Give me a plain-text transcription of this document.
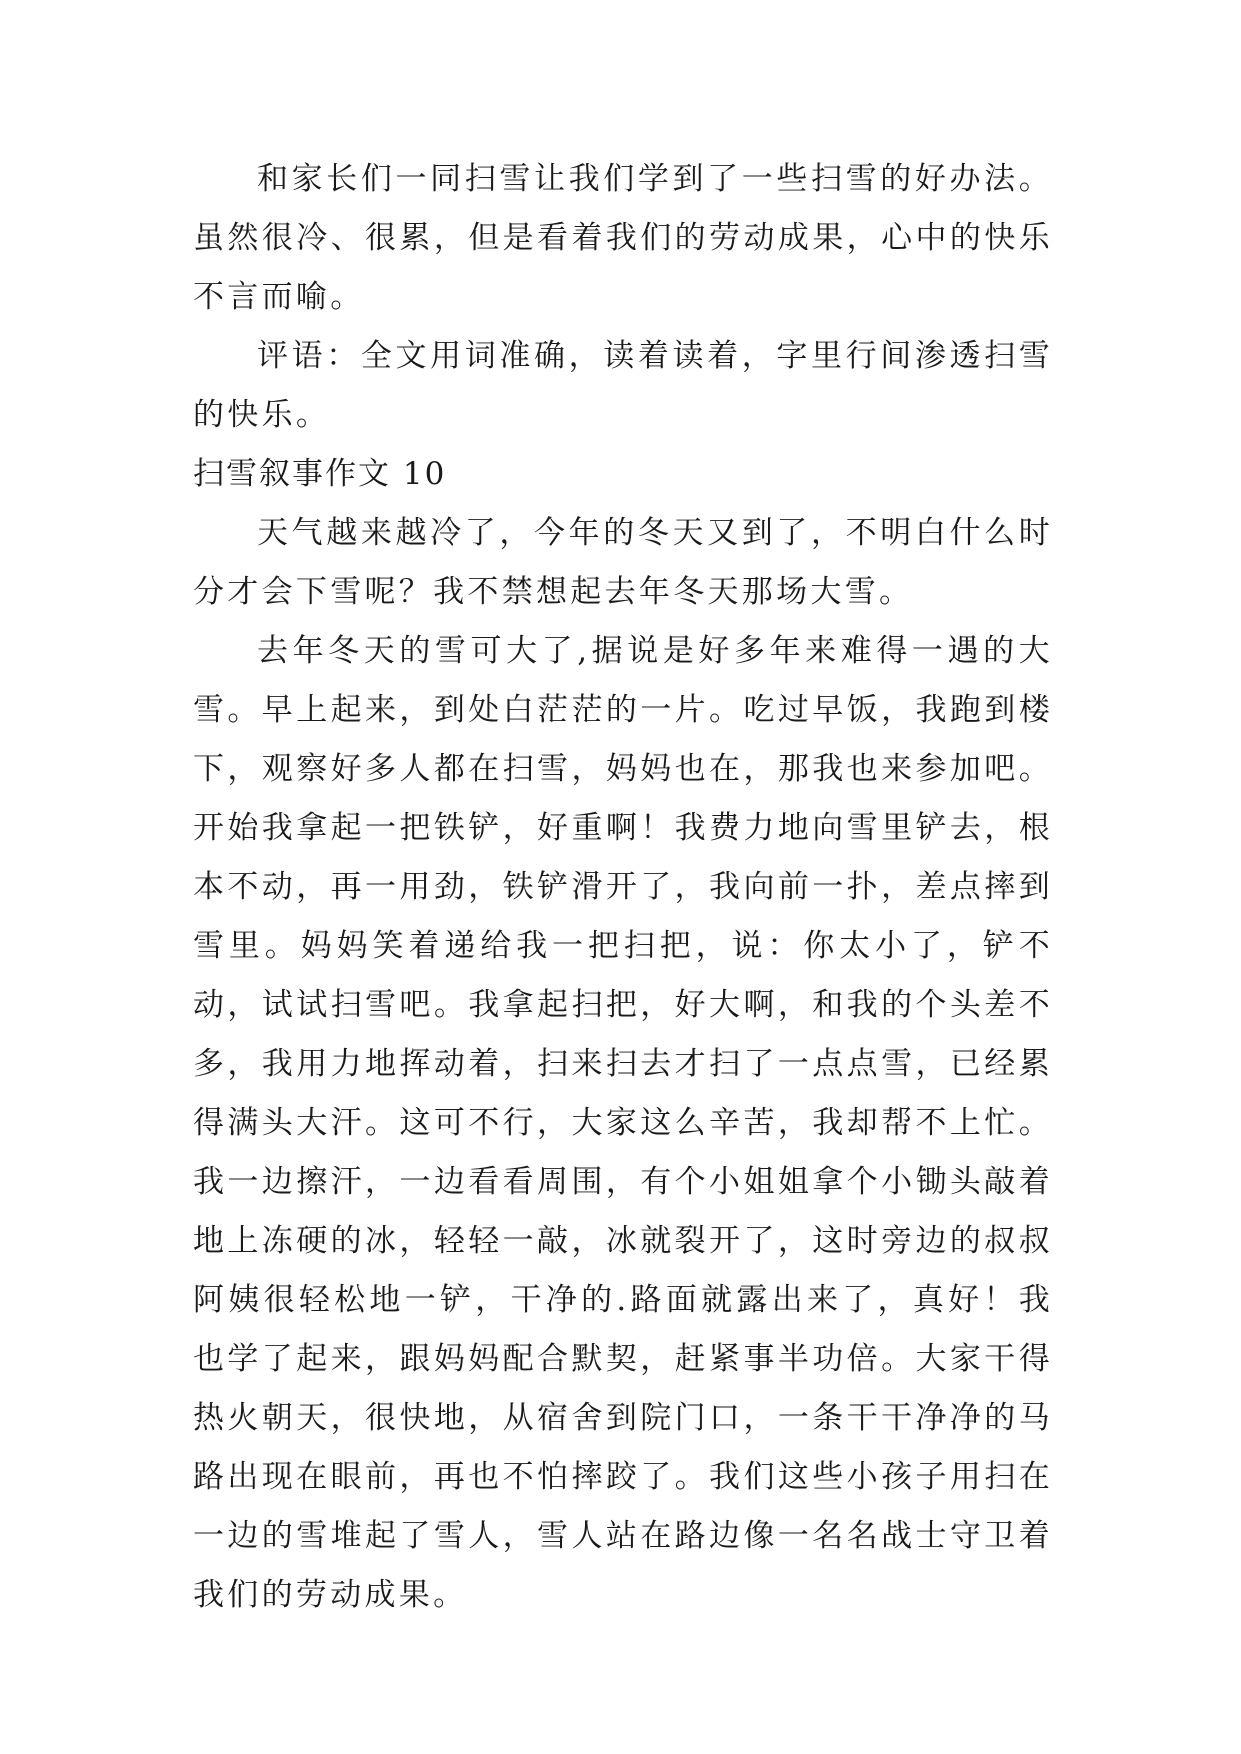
和家长们一同扫雪让我们学到了一些扫雪的好办法。虽然很冷、很累，但是看着我们的劳动成果，心中的快乐不言而喻。

评语：全文用词准确，读着读着，字里行间渗透扫雪的快乐。

扫雪叙事作文 10

天气越来越冷了，今年的冬天又到了，不明白什么时分才会下雪呢？我不禁想起去年冬天那场大雪。

去年冬天的雪可大了,据说是好多年来难得一遇的大雪。早上起来，到处白茫茫的一片。吃过早饭，我跑到楼下，观察好多人都在扫雪，妈妈也在，那我也来参加吧。开始我拿起一把铁铲，好重啊！我费力地向雪里铲去，根本不动，再一用劲，铁铲滑开了，我向前一扑，差点摔到雪里。妈妈笑着递给我一把扫把，说：你太小了，铲不动，试试扫雪吧。我拿起扫把，好大啊，和我的个头差不多，我用力地挥动着，扫来扫去才扫了一点点雪，已经累得满头大汗。这可不行，大家这么辛苦，我却帮不上忙。我一边擦汗，一边看看周围，有个小姐姐拿个小锄头敲着地上冻硬的冰，轻轻一敲，冰就裂开了，这时旁边的叔叔阿姨很轻松地一铲，干净的.路面就露出来了，真好！我也学了起来，跟妈妈配合默契，赶紧事半功倍。大家干得热火朝天，很快地，从宿舍到院门口，一条干干净净的马路出现在眼前，再也不怕摔跤了。我们这些小孩子用扫在一边的雪堆起了雪人，雪人站在路边像一名名战士守卫着我们的劳动成果。
